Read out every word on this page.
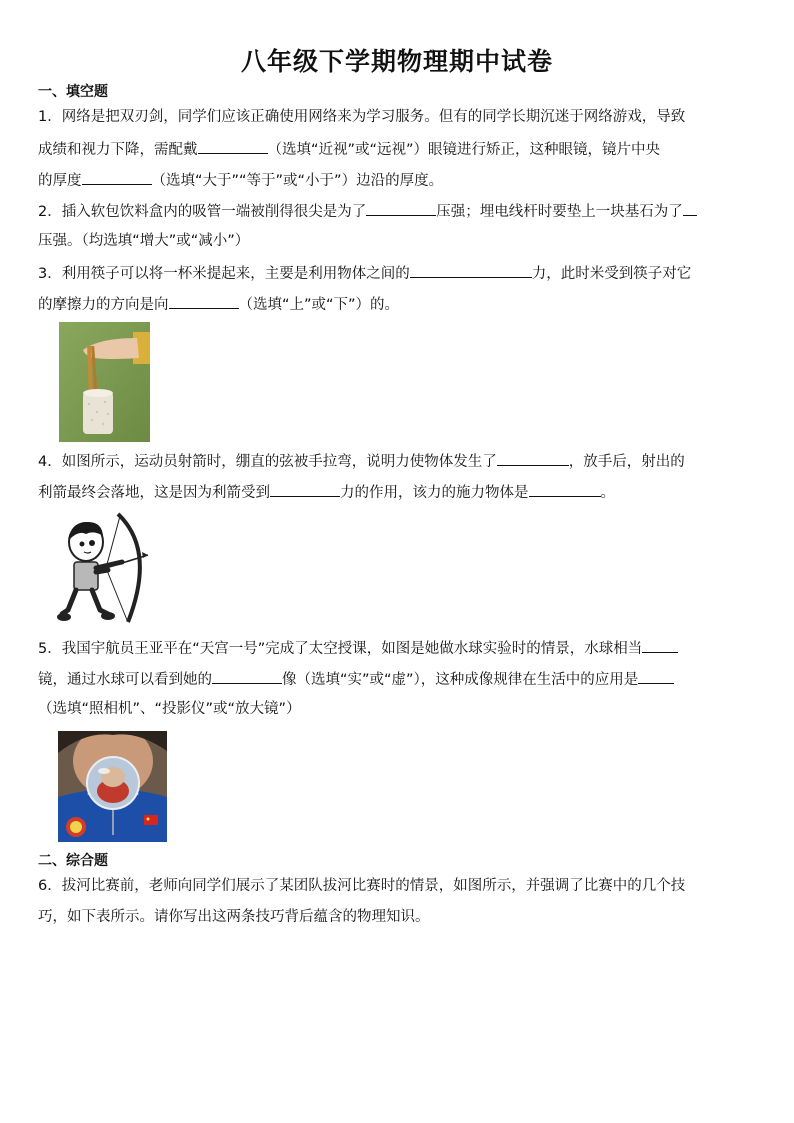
八年级下学期物理期中试卷
一、填空题
1．网络是把双刃剑，同学们应该正确使用网络来为学习服务。但有的同学长期沉迷于网络游戏，导致
成绩和视力下降，需配戴	（选填“近视”或“远视”）眼镜进行矫正，这种眼镜，镜片中央
的厚度	（选填“大于”“等于”或“小于”）边沿的厚度。
2．插入软包饮料盒内的吸管一端被削得很尖是为了	压强；埋电线杆时要垫上一块基石为了
压强。（均选填“增大”或“减小”）
3．利用筷子可以将一杯米提起来，主要是利用物体之间的	力，此时米受到筷子对它
的摩擦力的方向是向	（选填“上”或“下”）的。
4．如图所示，运动员射箭时，绷直的弦被手拉弯，说明力使物体发生了	，放手后，射出的
利箭最终会落地，这是因为利箭受到	力的作用，该力的施力物体是	。
5．我国宇航员王亚平在“天宫一号”完成了太空授课，如图是她做水球实验时的情景，水球相当
镜，通过水球可以看到她的	像（选填“实”或“虚”），这种成像规律在生活中的应用是
（选填“照相机”、“投影仪”或“放大镜”）
二、综合题
6．拔河比赛前，老师向同学们展示了某团队拔河比赛时的情景，如图所示，并强调了比赛中的几个技
巧，如下表所示。请你写出这两条技巧背后蕴含的物理知识。
